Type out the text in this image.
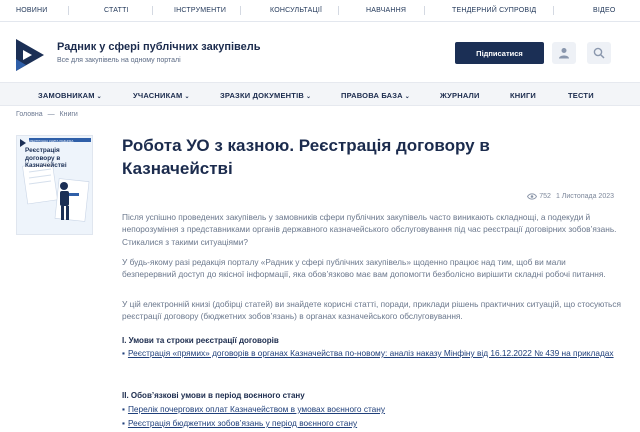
НОВИНИ	СТАТТІ	ІНСТРУМЕНТИ	КОНСУЛЬТАЦІЇ	НАВЧАННЯ	ТЕНДЕРНИЙ СУПРОВІД	ВІДЕО
Радник у сфері публічних закупівель
Все для закупівель на одному порталі
Підписатися
ЗАМОВНИКАМ ⌄	УЧАСНИКАМ ⌄	ЗРАЗКИ ДОКУМЕНТІВ ⌄	ПРАВОВА БАЗА ⌄	ЖУРНАЛИ	КНИГИ	ТЕСТИ
Головна — Книги
ЕЛЕКТРОННА КНИГА РАДНИКА
Реєстрація договору в Казначействі
Робота УО з казною. Реєстрація договору в Казначействі
752 1 Листопада 2023

Після успішно проведених закупівель у замовників сфери публічних закупівель часто виникають складнощі, а подекуди й непорозуміння з представниками органів державного казначейського обслуговування під час реєстрації договірних зобов’язань. Стикалися з такими ситуаціями?

У будь-якому разі редакція порталу «Радник у сфері публічних закупівель» щоденно працює над тим, щоб ви мали безперервний доступ до якісної інформації, яка обов’язково має вам допомогти безболісно вирішити складні робочі питання.

У цій електронній книзі (добірці статей) ви знайдете корисні статті, поради, приклади рішень практичних ситуацій, що стосуються реєстрації договору (бюджетних зобов’язань) в органах казначейського обслуговування.

I. Умови та строки реєстрації договорів
▪ Реєстрація «прямих» договорів в органах Казначейства по-новому: аналіз наказу Мінфіну від 16.12.2022 № 439 на прикладах
II. Обов’язкові умови в період воєнного стану
▪ Перелік почергових оплат Казначейством в умовах воєнного стану
▪ Реєстрація бюджетних зобов’язань у період воєнного стану
